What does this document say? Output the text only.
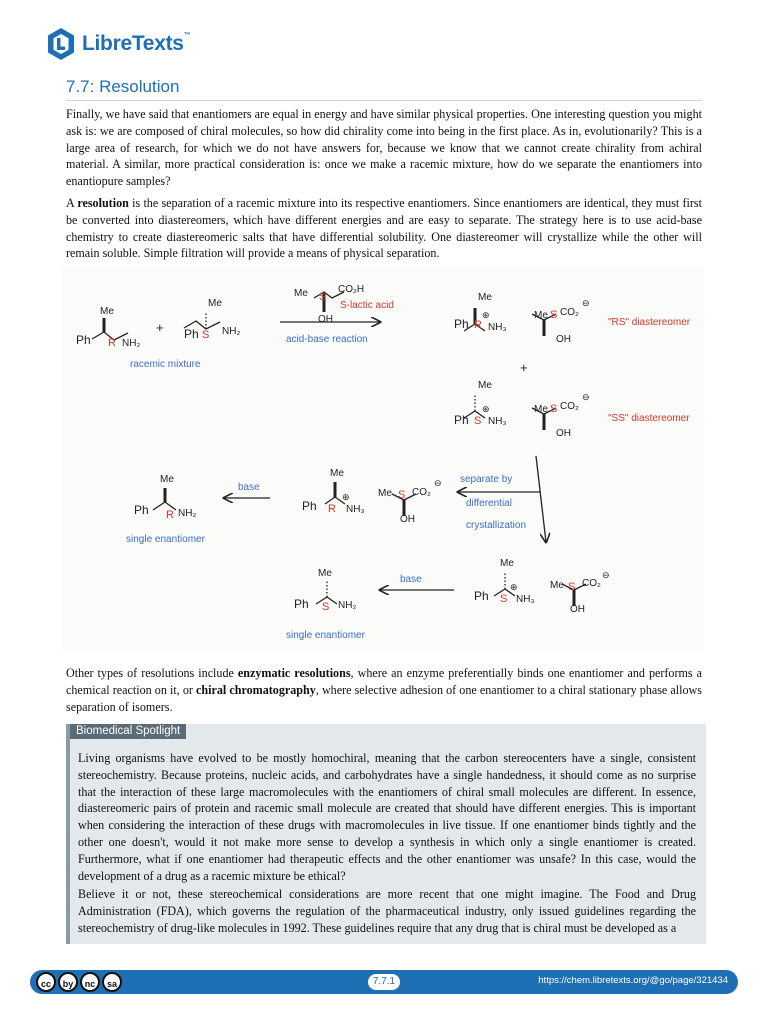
LibreTexts™
7.7: Resolution

Finally, we have said that enantiomers are equal in energy and have similar physical properties. One interesting question you might ask is: we are composed of chiral molecules, so how did chirality come into being in the first place. As in, evolutionarily? This is a large area of research, for which we do not have answers for, because we know that we cannot create chirality from achiral material. A similar, more practical consideration is: once we make a racemic mixture, how do we separate the enantiomers into enantiopure samples?

A resolution is the separation of a racemic mixture into its respective enantiomers. Since enantiomers are identical, they must first be converted into diastereomers, which have different energies and are easy to separate. The strategy here is to use acid-base chemistry to create diastereomeric salts that have differential solubility. One diastereomer will crystallize while the other will remain soluble. Simple filtration will provide a means of physical separation.

Me
Ph R NH₂
+
Me
Ph S NH₂
racemic mixture
Me S
CO₂H
OH
S-lactic acid
acid-base reaction
Me
Ph R
⊕
NH₃
Me S CO₂
⊖
OH
"RS" diastereomer
+
Me
Ph S
⊕
NH₃
Me S CO₂
⊖
OH
"SS" diastereomer
separate by
differential
crystallization
Me
Ph R NH₂
single enantiomer
base
Me
Ph R
⊕
NH₃
Me S CO₂
⊖
OH
Me
Ph S NH₂
single enantiomer
base
Me
Ph S
⊕
NH₃
Me S CO₂
⊖
OH

Other types of resolutions include enzymatic resolutions, where an enzyme preferentially binds one enantiomer and performs a chemical reaction on it, or chiral chromatography, where selective adhesion of one enantiomer to a chiral stationary phase allows separation of isomers.

Biomedical Spotlight

Living organisms have evolved to be mostly homochiral, meaning that the carbon stereocenters have a single, consistent stereochemistry. Because proteins, nucleic acids, and carbohydrates have a single handedness, it should come as no surprise that the interaction of these large macromolecules with the enantiomers of chiral small molecules are different. In essence, diastereomeric pairs of protein and racemic small molecule are created that should have different energies. This is important when considering the interaction of these drugs with macromolecules in live tissue. If one enantiomer binds tightly and the other one doesn't, would it not make more sense to develop a synthesis in which only a single enantiomer is created. Furthermore, what if one enantiomer had therapeutic effects and the other enantiomer was unsafe? In this case, would the development of a drug as a racemic mixture be ethical?

Believe it or not, these stereochemical considerations are more recent that one might imagine. The Food and Drug Administration (FDA), which governs the regulation of the pharmaceutical industry, only issued guidelines regarding the stereochemistry of drug-like molecules in 1992. These guidelines require that any drug that is chiral must be developed as a

cc	by	nc	sa	7.7.1	https://chem.libretexts.org/@go/page/321434
